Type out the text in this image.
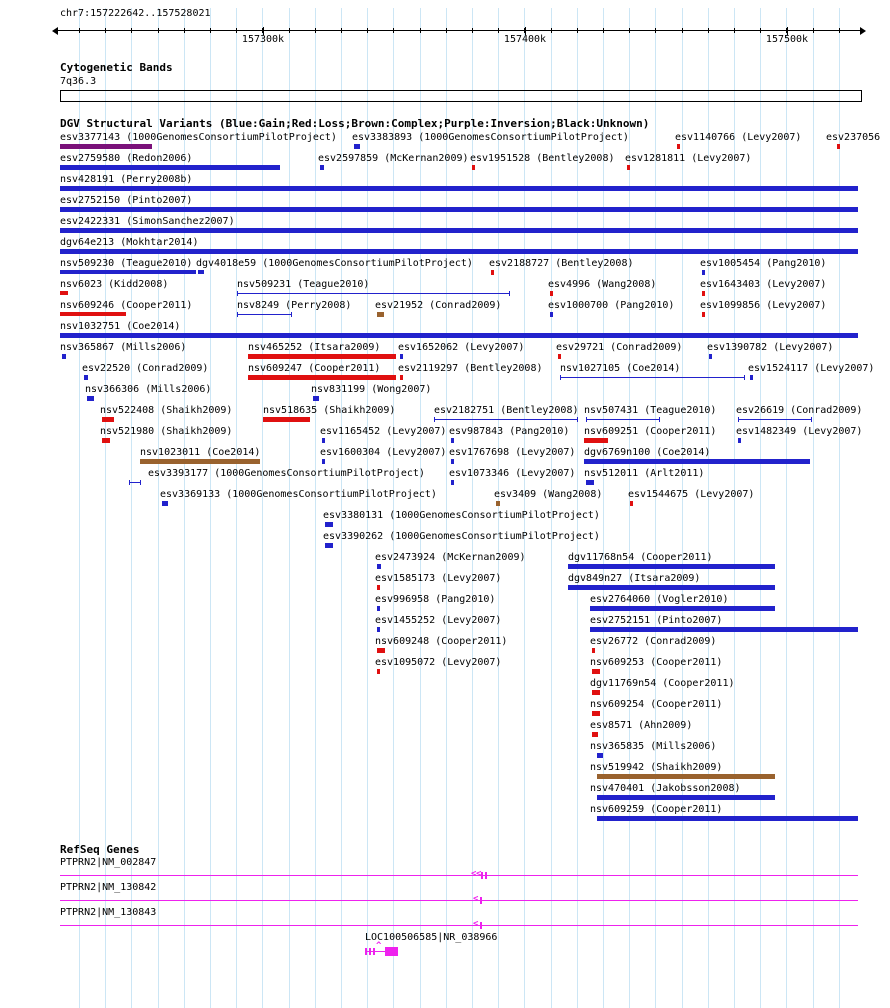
chr7:157222642..157528021
Cytogenetic Bands
7q36.3
DGV Structural Variants (Blue:Gain;Red:Loss;Brown:Complex;Purple:Inversion;Black:Unknown)
RefSeq Genes
157300k	157400k	157500k
esv3377143 (1000GenomesConsortiumPilotProject) esv3383893 (1000GenomesConsortiumPilotProject)	esv1140766 (Levy2007) esv237056
esv2759580 (Redon2006)	esv2597859 (McKernan2009) esv1951528 (Bentley2008) esv1281811 (Levy2007)
nsv428191 (Perry2008b)
esv2752150 (Pinto2007)
esv2422331 (SimonSanchez2007)
dgv64e213 (Mokhtar2014)
nsv509230 (Teague2010) dgv4018e59 (1000GenomesConsortiumPilotProject) esv2188727 (Bentley2008)	esv1005454 (Pang2010)
nsv6023 (Kidd2008)	nsv509231 (Teague2010)	esv4996 (Wang2008)	esv1643403 (Levy2007)
nsv609246 (Cooper2011)	nsv8249 (Perry2008) esv21952 (Conrad2009)	esv1000700 (Pang2010)	esv1099856 (Levy2007)
nsv1032751 (Coe2014)
nsv365867 (Mills2006)	nsv465252 (Itsara2009) esv1652062 (Levy2007)	esv29721 (Conrad2009) esv1390782 (Levy2007)
esv22520 (Conrad2009)	nsv609247 (Cooper2011) esv2119297 (Bentley2008) nsv1027105 (Coe2014)	esv1524117 (Levy2007)
nsv366306 (Mills2006)	nsv831199 (Wong2007)
nsv522408 (Shaikh2009)	nsv518635 (Shaikh2009)	esv2182751 (Bentley2008) nsv507431 (Teague2010) esv26619 (Conrad2009)
nsv521980 (Shaikh2009)	esv1165452 (Levy2007) esv987843 (Pang2010) nsv609251 (Cooper2011) esv1482349 (Levy2007)
nsv1023011 (Coe2014)	esv1600304 (Levy2007) esv1767698 (Levy2007) dgv6769n100 (Coe2014)
esv3393177 (1000GenomesConsortiumPilotProject) esv1073346 (Levy2007) nsv512011 (Arlt2011)
esv3369133 (1000GenomesConsortiumPilotProject)	esv3409 (Wang2008)	esv1544675 (Levy2007)
esv3380131 (1000GenomesConsortiumPilotProject)
esv3390262 (1000GenomesConsortiumPilotProject)
esv2473924 (McKernan2009)	dgv11768n54 (Cooper2011)
esv1585173 (Levy2007)	dgv849n27 (Itsara2009)
esv996958 (Pang2010)	esv2764060 (Vogler2010)
esv1455252 (Levy2007)	esv2752151 (Pinto2007)
nsv609248 (Cooper2011)	esv26772 (Conrad2009)
esv1095072 (Levy2007)	nsv609253 (Cooper2011)
dgv11769n54 (Cooper2011)
nsv609254 (Cooper2011)
esv8571 (Ahn2009)
nsv365835 (Mills2006)
nsv519942 (Shaikh2009)
nsv470401 (Jakobsson2008)
nsv609259 (Cooper2011)
PTPRN2|NM_002847
< <
PTPRN2|NM_130842
<
PTPRN2|NM_130843
<
LOC100506585|NR_038966
^
